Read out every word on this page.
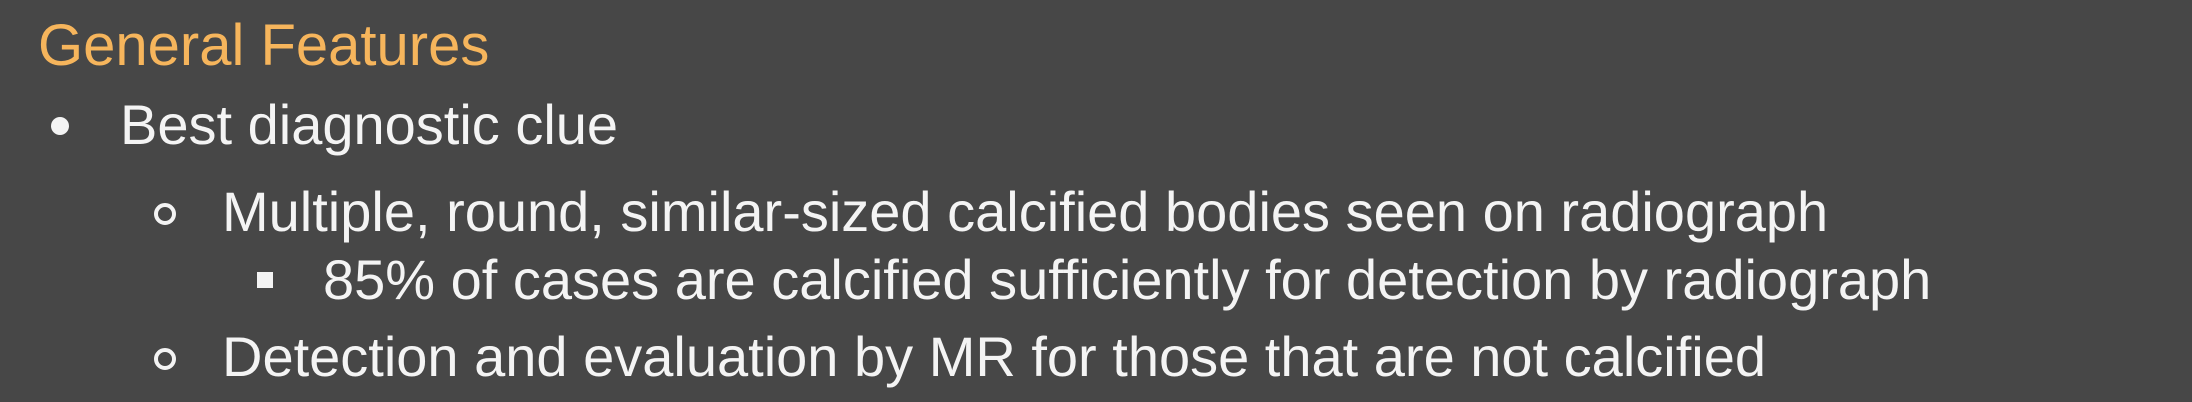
General Features
Best diagnostic clue
Multiple, round, similar-sized calcified bodies seen on radiograph
85% of cases are calcified sufficiently for detection by radiograph
Detection and evaluation by MR for those that are not calcified
